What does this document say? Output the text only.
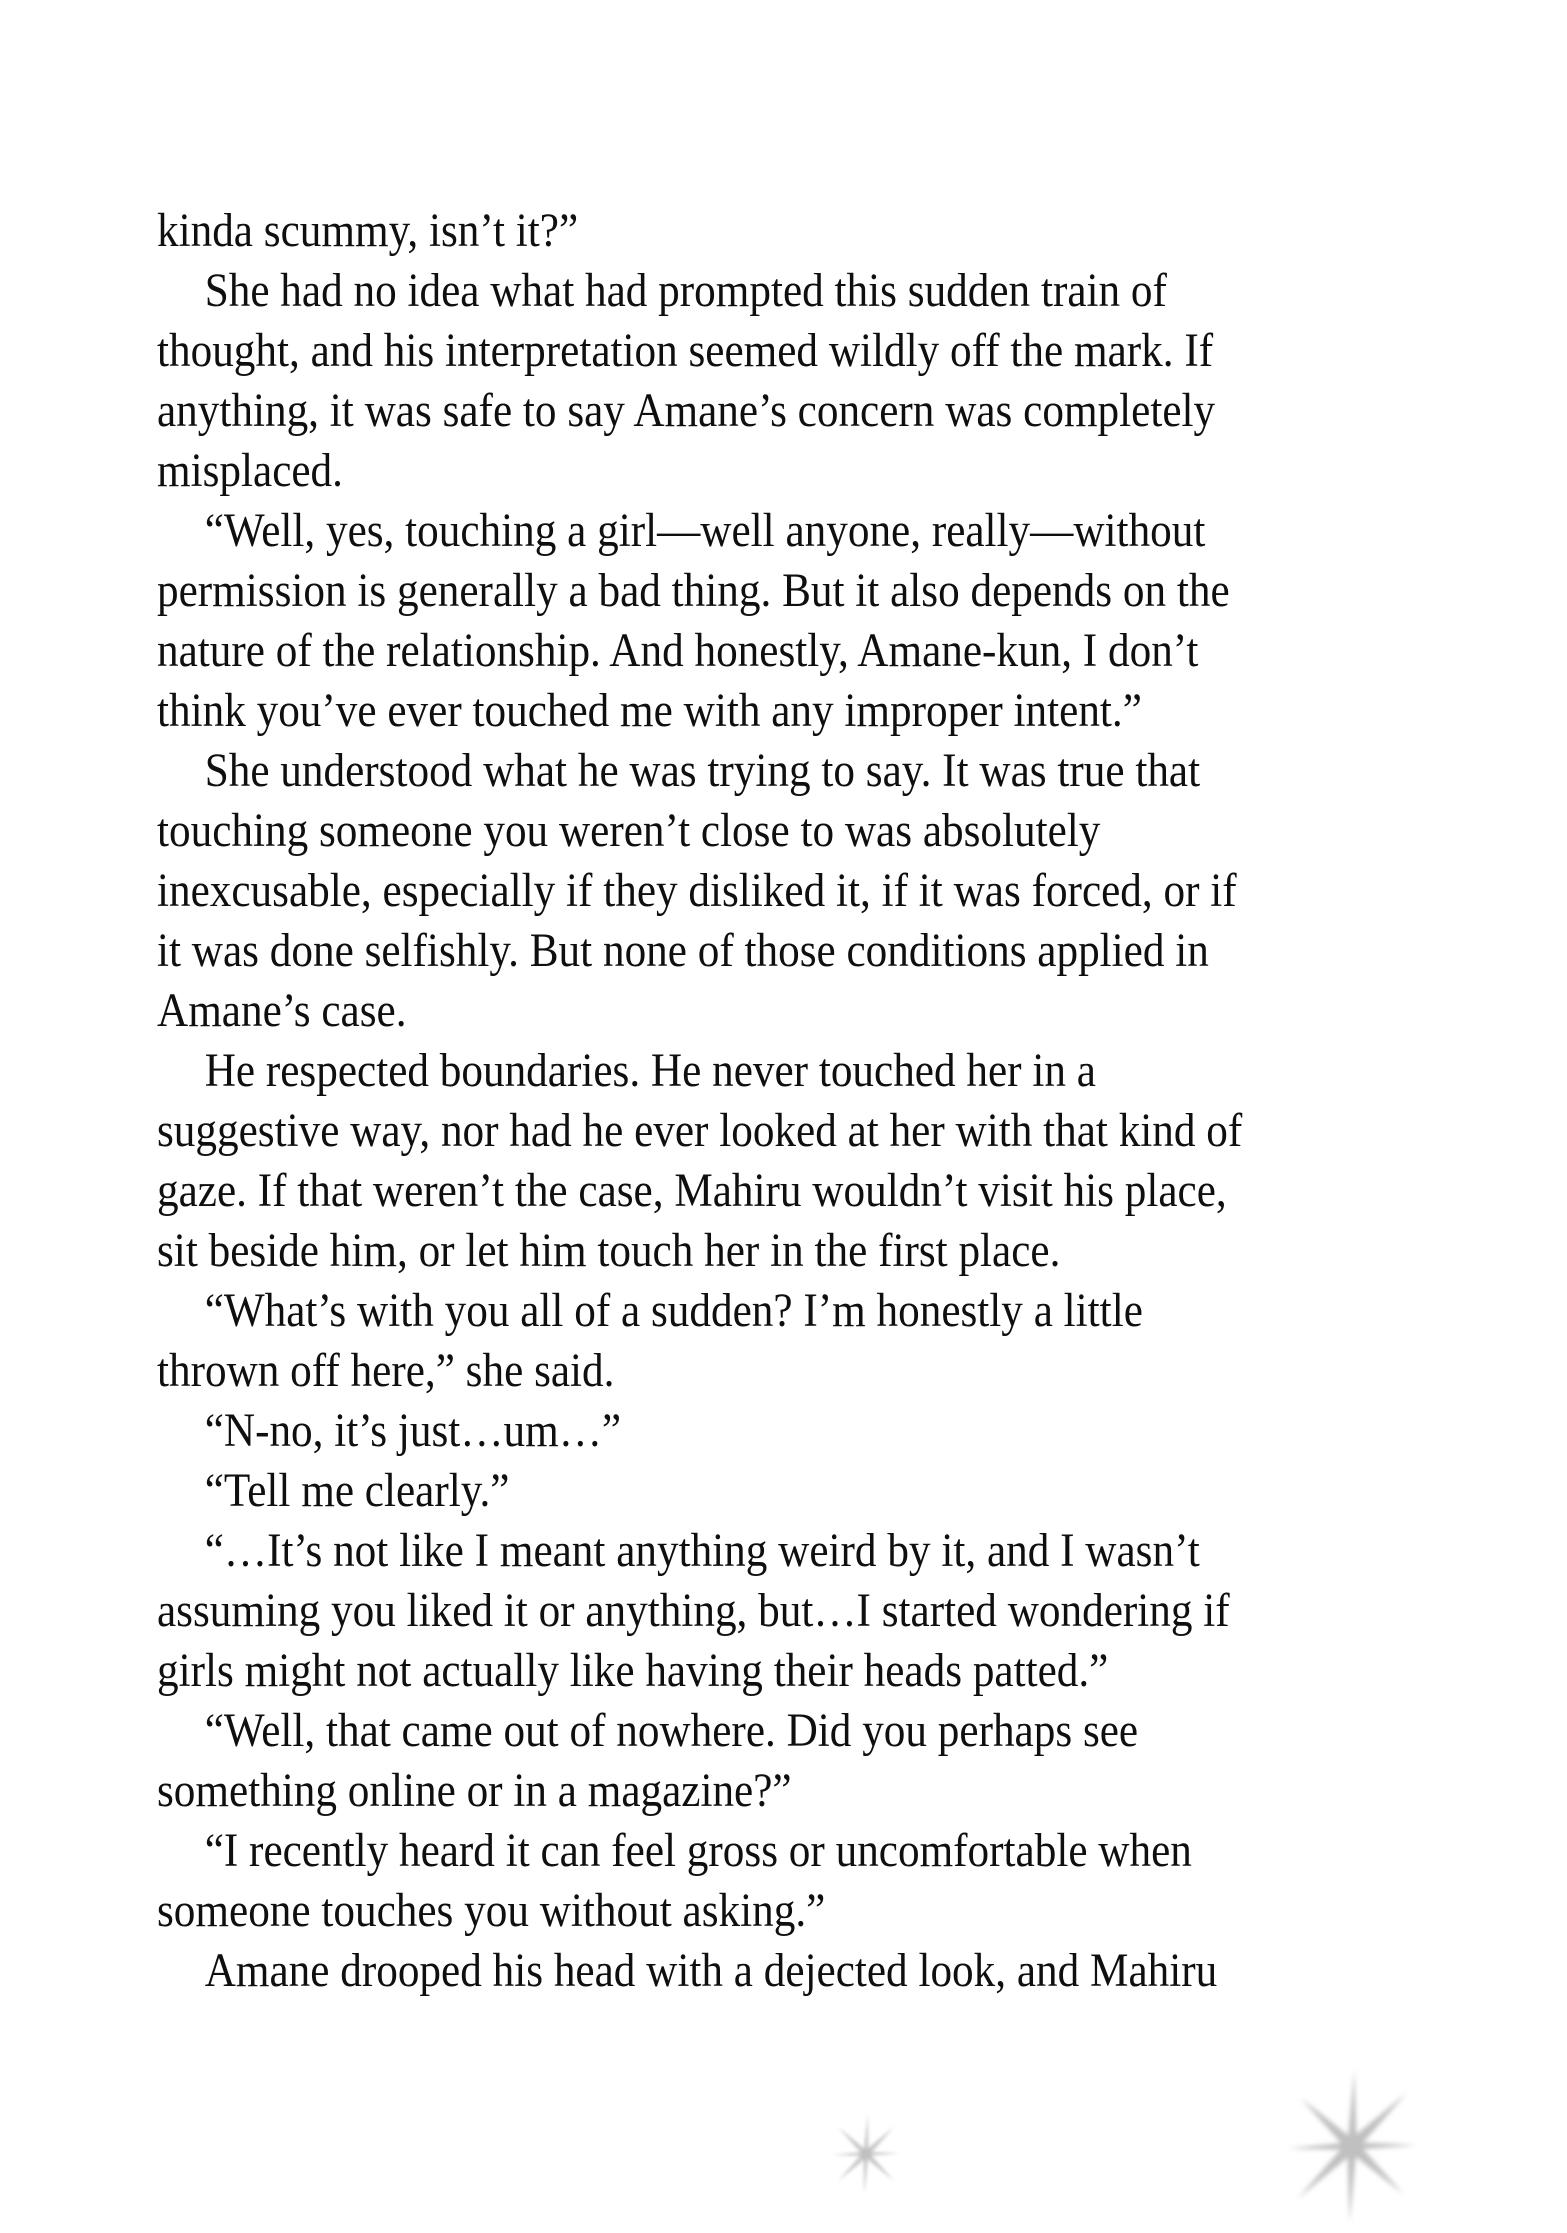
kinda scummy, isn’t it?”
She had no idea what had prompted this sudden train of
thought, and his interpretation seemed wildly off the mark. If
anything, it was safe to say Amane’s concern was completely
misplaced.
“Well, yes, touching a girl—well anyone, really—without
permission is generally a bad thing. But it also depends on the
nature of the relationship. And honestly, Amane-kun, I don’t
think you’ve ever touched me with any improper intent.”
She understood what he was trying to say. It was true that
touching someone you weren’t close to was absolutely
inexcusable, especially if they disliked it, if it was forced, or if
it was done selfishly. But none of those conditions applied in
Amane’s case.
He respected boundaries. He never touched her in a
suggestive way, nor had he ever looked at her with that kind of
gaze. If that weren’t the case, Mahiru wouldn’t visit his place,
sit beside him, or let him touch her in the first place.
“What’s with you all of a sudden? I’m honestly a little
thrown off here,” she said.
“N-no, it’s just…um…”
“Tell me clearly.”
“…It’s not like I meant anything weird by it, and I wasn’t
assuming you liked it or anything, but…I started wondering if
girls might not actually like having their heads patted.”
“Well, that came out of nowhere. Did you perhaps see
something online or in a magazine?”
“I recently heard it can feel gross or uncomfortable when
someone touches you without asking.”
Amane drooped his head with a dejected look, and Mahiru
